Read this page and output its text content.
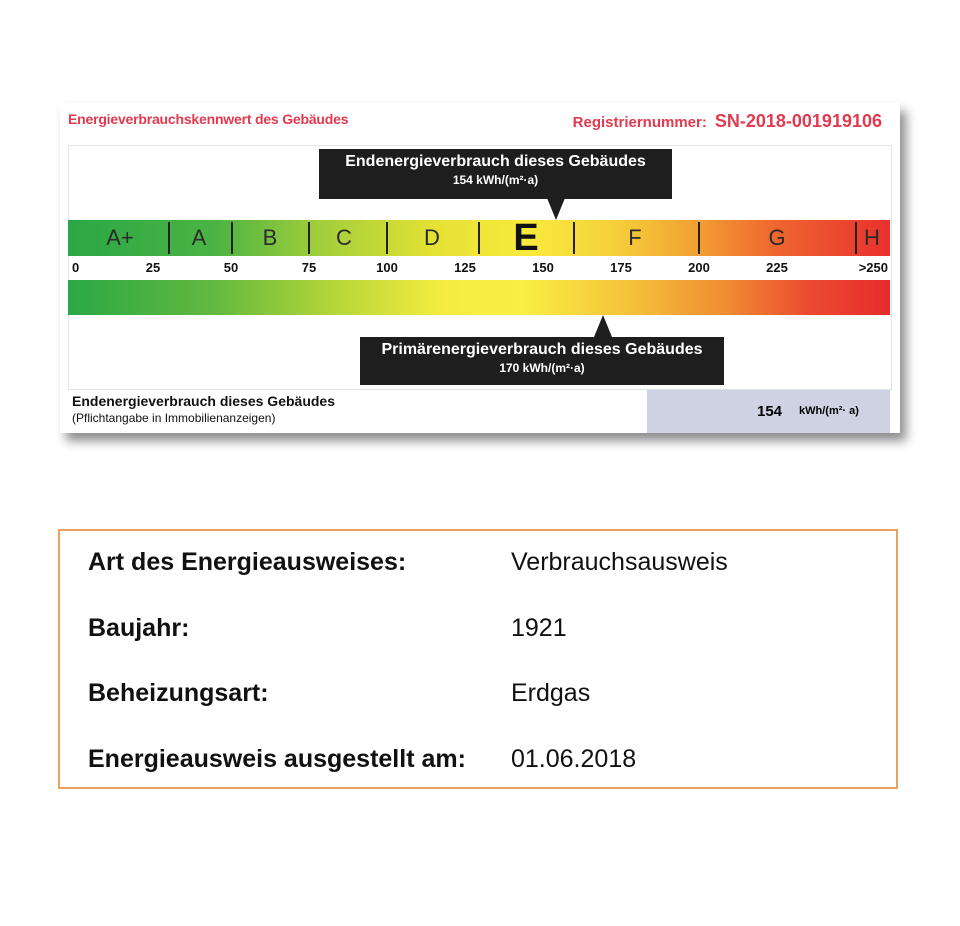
Energieverbrauchskennwert des Gebäudes	Registriernummer: SN-2018-001919106
Endenergieverbrauch dieses Gebäudes
154 kWh/(m²·a)
A+	A	B	C	D E	F	G	H
0	25	50	75	100	125	150	175	200	225	>250
Primärenergieverbrauch dieses Gebäudes
170 kWh/(m²·a)
Endenergieverbrauch dieses Gebäudes
(Pflichtangabe in Immobilienanzeigen)	154 kWh/(m²· a)
Art des Energieausweises:	Verbrauchsausweis
Baujahr:	1921
Beheizungsart:	Erdgas
Energieausweis ausgestellt am: 01.06.2018
